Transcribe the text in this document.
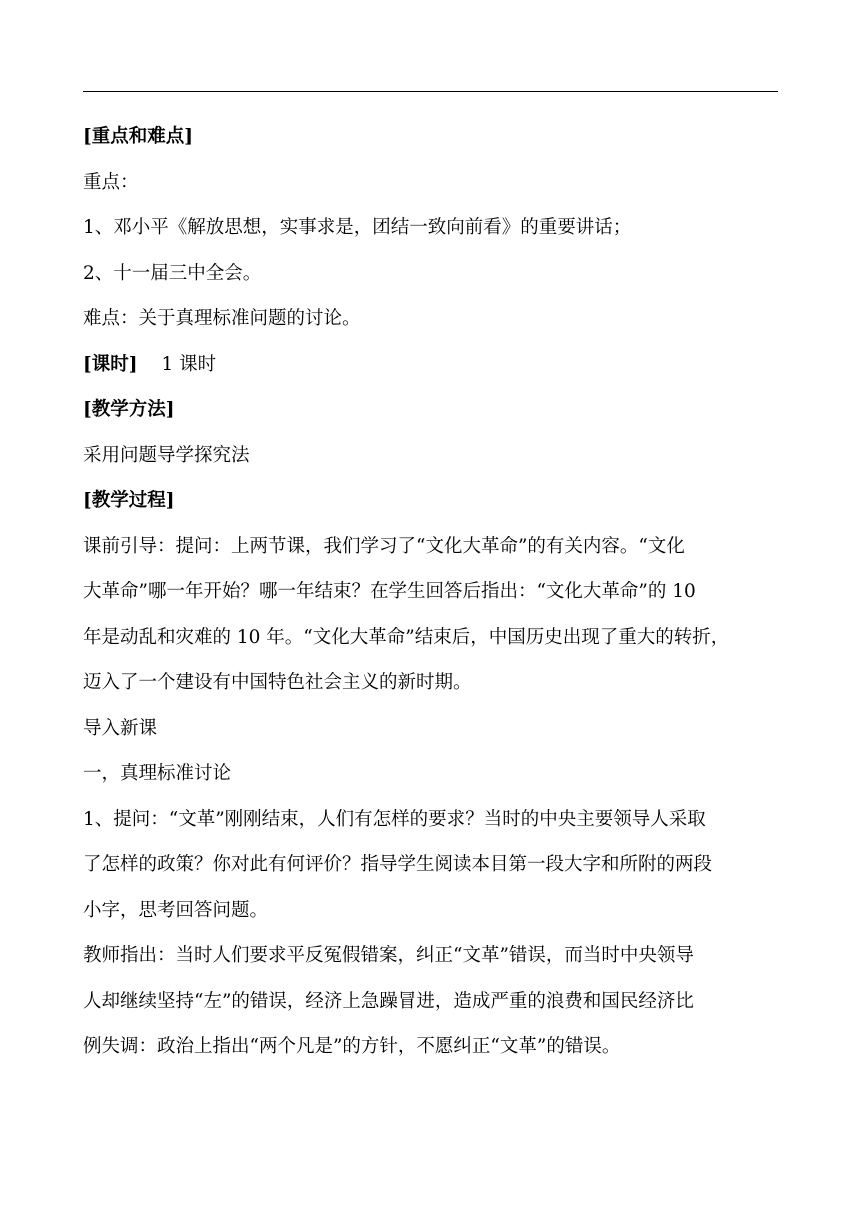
[重点和难点]
重点：
1、邓小平《解放思想，实事求是，团结一致向前看》的重要讲话；
2、十一届三中全会。
难点：关于真理标准问题的讨论。
[课时] 1 课时
[教学方法]
采用问题导学探究法
[教学过程]
课前引导：提问：上两节课，我们学习了“文化大革命”的有关内容。“文化
大革命”哪一年开始？哪一年结束？在学生回答后指出：“文化大革命”的 10
年是动乱和灾难的 10 年。“文化大革命”结束后，中国历史出现了重大的转折，
迈入了一个建设有中国特色社会主义的新时期。
导入新课
一，真理标准讨论
1、提问：“文革”刚刚结束，人们有怎样的要求？当时的中央主要领导人采取
了怎样的政策？你对此有何评价？指导学生阅读本目第一段大字和所附的两段
小字，思考回答问题。
教师指出：当时人们要求平反冤假错案，纠正“文革”错误，而当时中央领导
人却继续坚持“左”的错误，经济上急躁冒进，造成严重的浪费和国民经济比
例失调：政治上指出“两个凡是”的方针，不愿纠正“文革”的错误。
